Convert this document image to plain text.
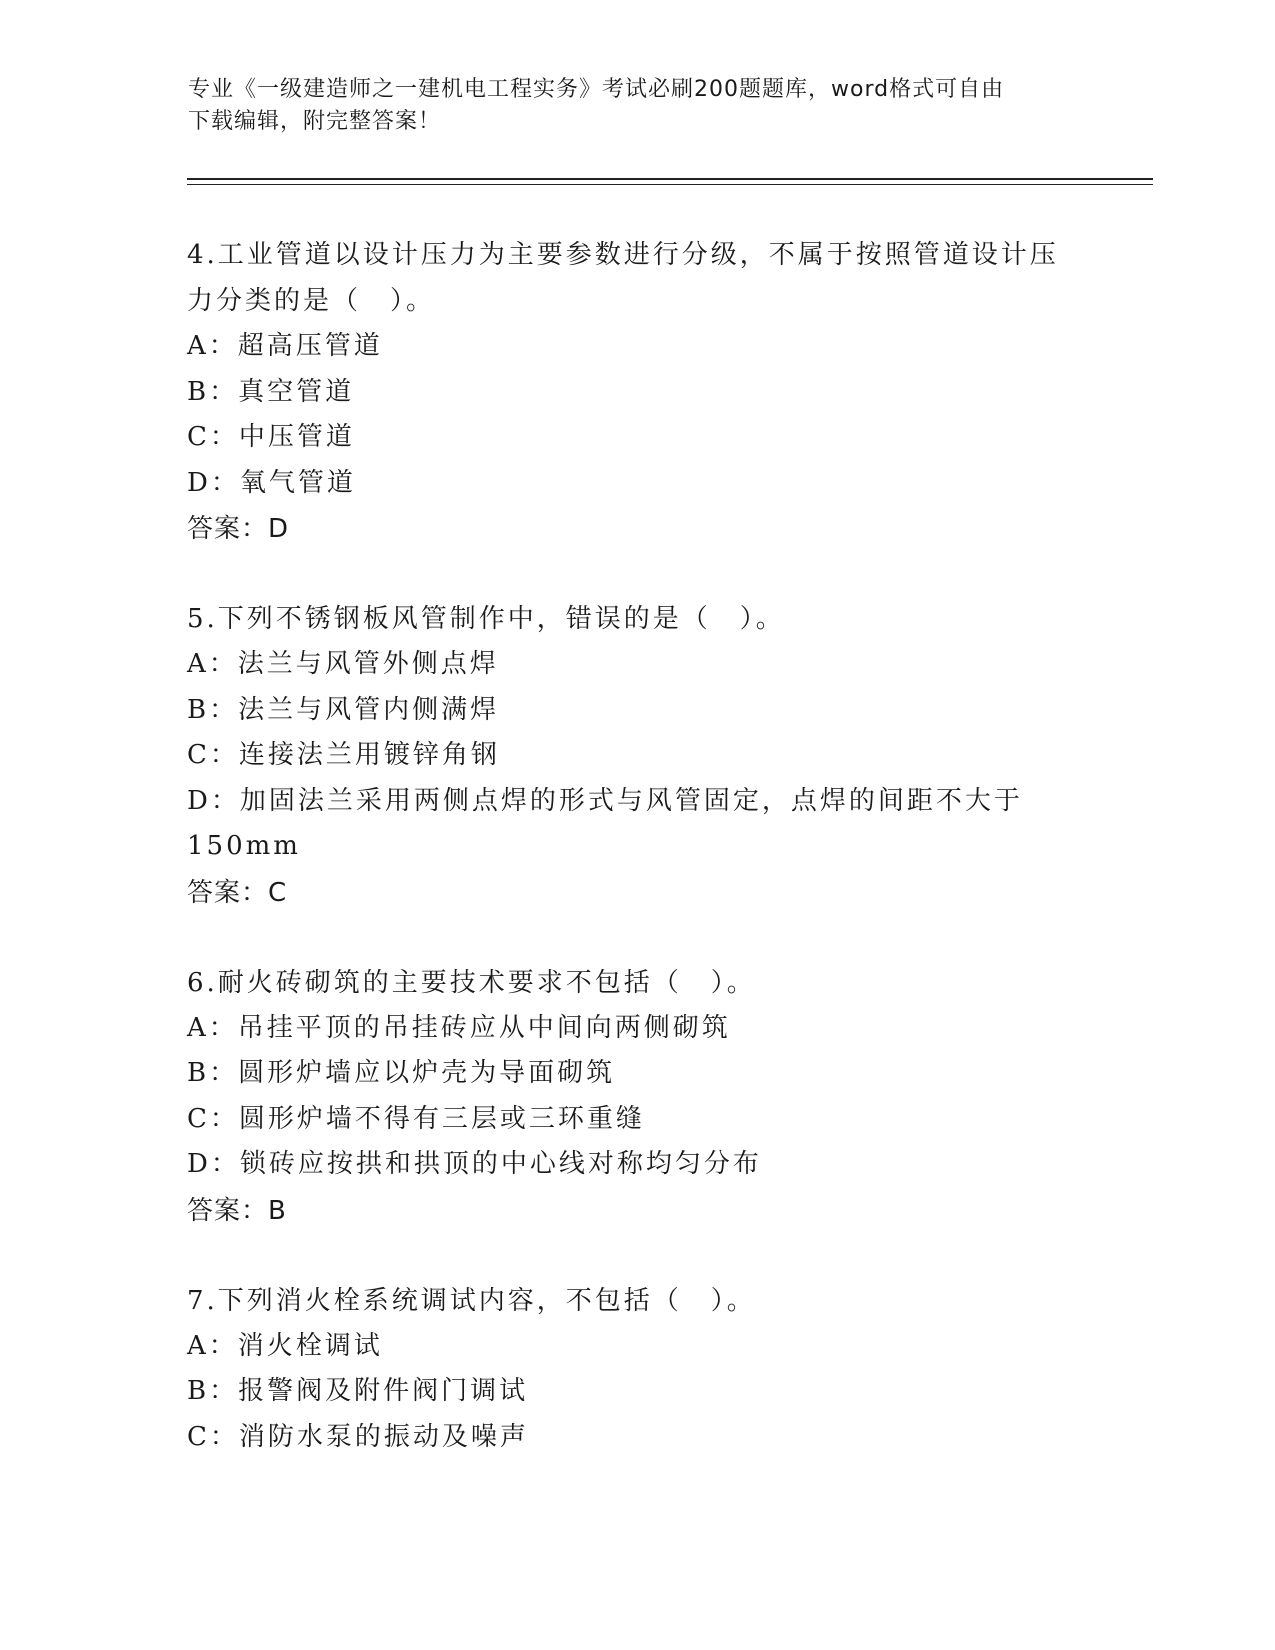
专业《一级建造师之一建机电工程实务》考试必刷200题题库，word格式可自由
下载编辑，附完整答案！
4.工业管道以设计压力为主要参数进行分级，不属于按照管道设计压
力分类的是（　）。
A：超高压管道
B：真空管道
C：中压管道
D：氧气管道
答案：D
5.下列不锈钢板风管制作中，错误的是（　）。
A：法兰与风管外侧点焊
B：法兰与风管内侧满焊
C：连接法兰用镀锌角钢
D：加固法兰采用两侧点焊的形式与风管固定，点焊的间距不大于
150mm
答案：C
6.耐火砖砌筑的主要技术要求不包括（　）。
A：吊挂平顶的吊挂砖应从中间向两侧砌筑
B：圆形炉墙应以炉壳为导面砌筑
C：圆形炉墙不得有三层或三环重缝
D：锁砖应按拱和拱顶的中心线对称均匀分布
答案：B
7.下列消火栓系统调试内容，不包括（　）。
A：消火栓调试
B：报警阀及附件阀门调试
C：消防水泵的振动及噪声
